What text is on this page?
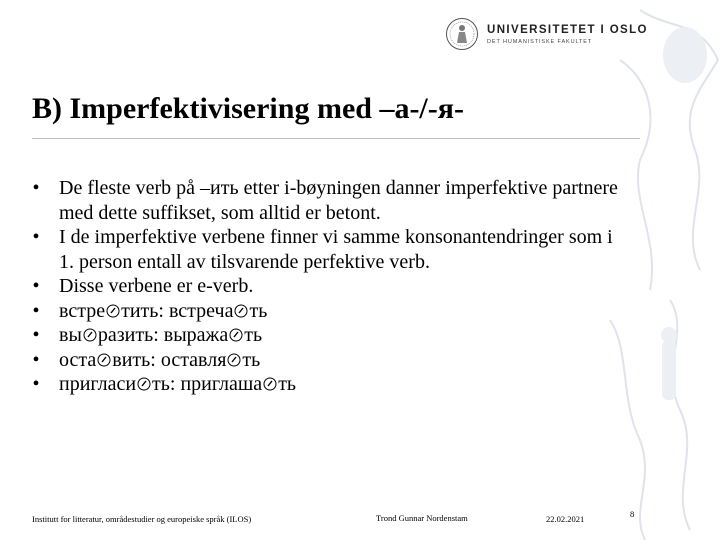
UNIVERSITETET I OSLO
DET HUMANISTISKE FAKULTET
B) Imperfektivisering med –а-/-я-
• De fleste verb på –ить etter i-bøyningen danner imperfektive partnere med dette suffikset, som alltid er betont.
• I de imperfektive verbene finner vi samme konsonantendringer som i 1. person entall av tilsvarende perfektive verb.
• Disse verbene er e-verb.
• встре тить: встреча ть
• вы разить: выража ть
• оста вить: оставля ть
• пригласи ть: приглаша ть
Institutt for litteratur, områdestudier og europeiske språk (ILOS)	Trond Gunnar Nordenstam	22.02.2021	8
